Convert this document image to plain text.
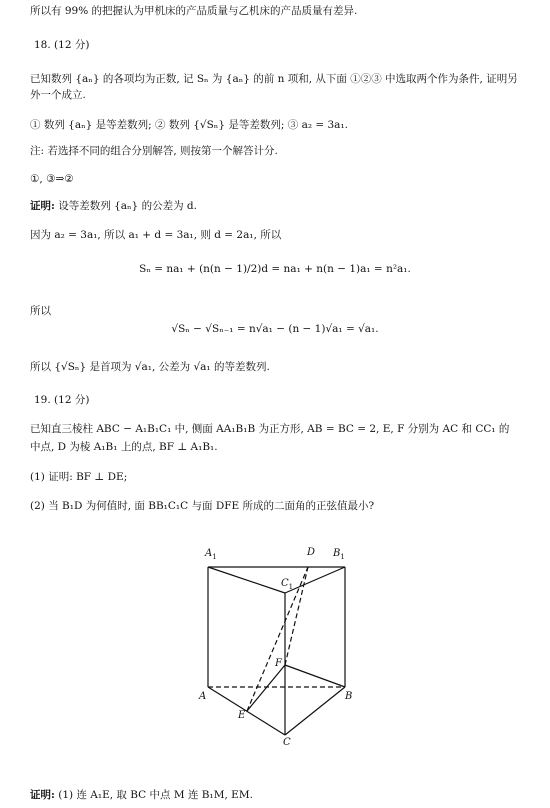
所以有 99% 的把握认为甲机床的产品质量与乙机床的产品质量有差异.
18. (12 分)
已知数列 {aₙ} 的各项均为正数, 记 Sₙ 为 {aₙ} 的前 n 项和, 从下面 ①②③ 中选取两个作为条件, 证明另
外一个成立.
① 数列 {aₙ} 是等差数列; ② 数列 {√Sₙ} 是等差数列; ③ a₂ = 3a₁.
注: 若选择不同的组合分别解答, 则按第一个解答计分.
①, ③⇒②
证明: 设等差数列 {aₙ} 的公差为 d.
因为 a₂ = 3a₁, 所以 a₁ + d = 3a₁, 则 d = 2a₁, 所以
Sₙ = na₁ + (n(n − 1)/2)d = na₁ + n(n − 1)a₁ = n²a₁.
所以
√Sₙ − √Sₙ₋₁ = n√a₁ − (n − 1)√a₁ = √a₁.
所以 {√Sₙ} 是首项为 √a₁, 公差为 √a₁ 的等差数列.
19. (12 分)
已知直三棱柱 ABC − A₁B₁C₁ 中, 侧面 AA₁B₁B 为正方形, AB = BC = 2, E, F 分别为 AC 和 CC₁ 的
中点, D 为棱 A₁B₁ 上的点, BF ⊥ A₁B₁.
(1) 证明: BF ⊥ DE;
(2) 当 B₁D 为何值时, 面 BB₁C₁C 与面 DFE 所成的二面角的正弦值最小?
$A_1$	D $B_1$
$C_1$
F
A	B
E
C
证明: (1) 连 A₁E, 取 BC 中点 M 连 B₁M, EM.
